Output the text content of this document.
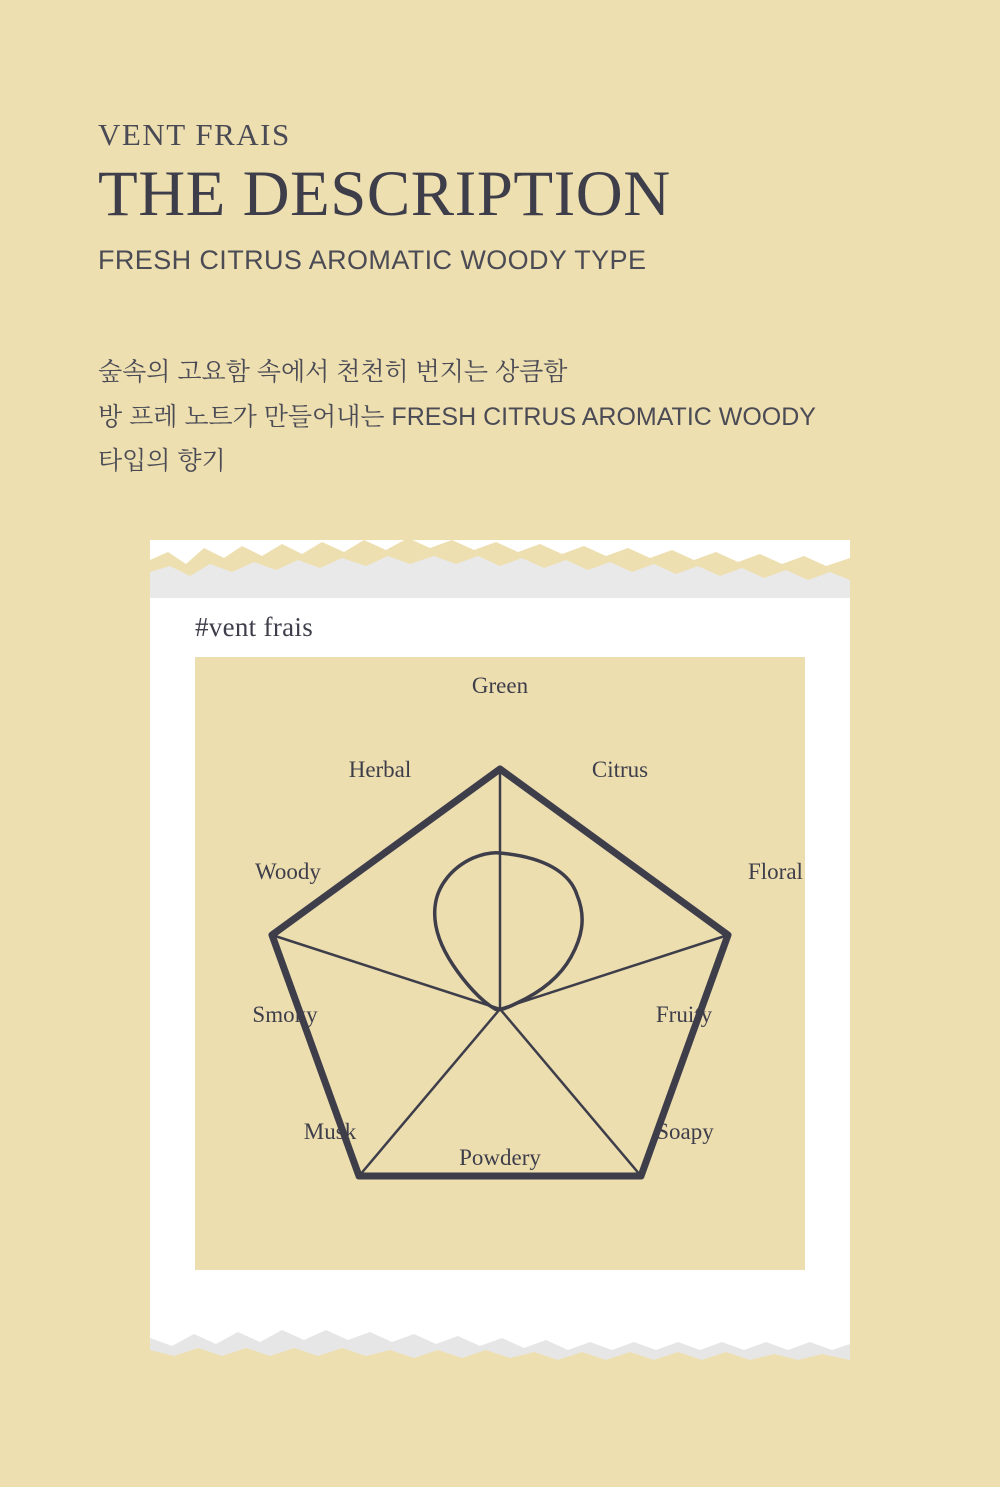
VENT FRAIS
THE DESCRIPTION
FRESH CITRUS AROMATIC WOODY TYPE
숲속의 고요함 속에서 천천히 번지는 상큼함
방 프레 노트가 만들어내는 FRESH CITRUS AROMATIC WOODY
타입의 향기
#vent frais
Green
Citrus
Floral
Fruity
Soapy
Powdery
Musk
Smoky
Woody
Herbal
